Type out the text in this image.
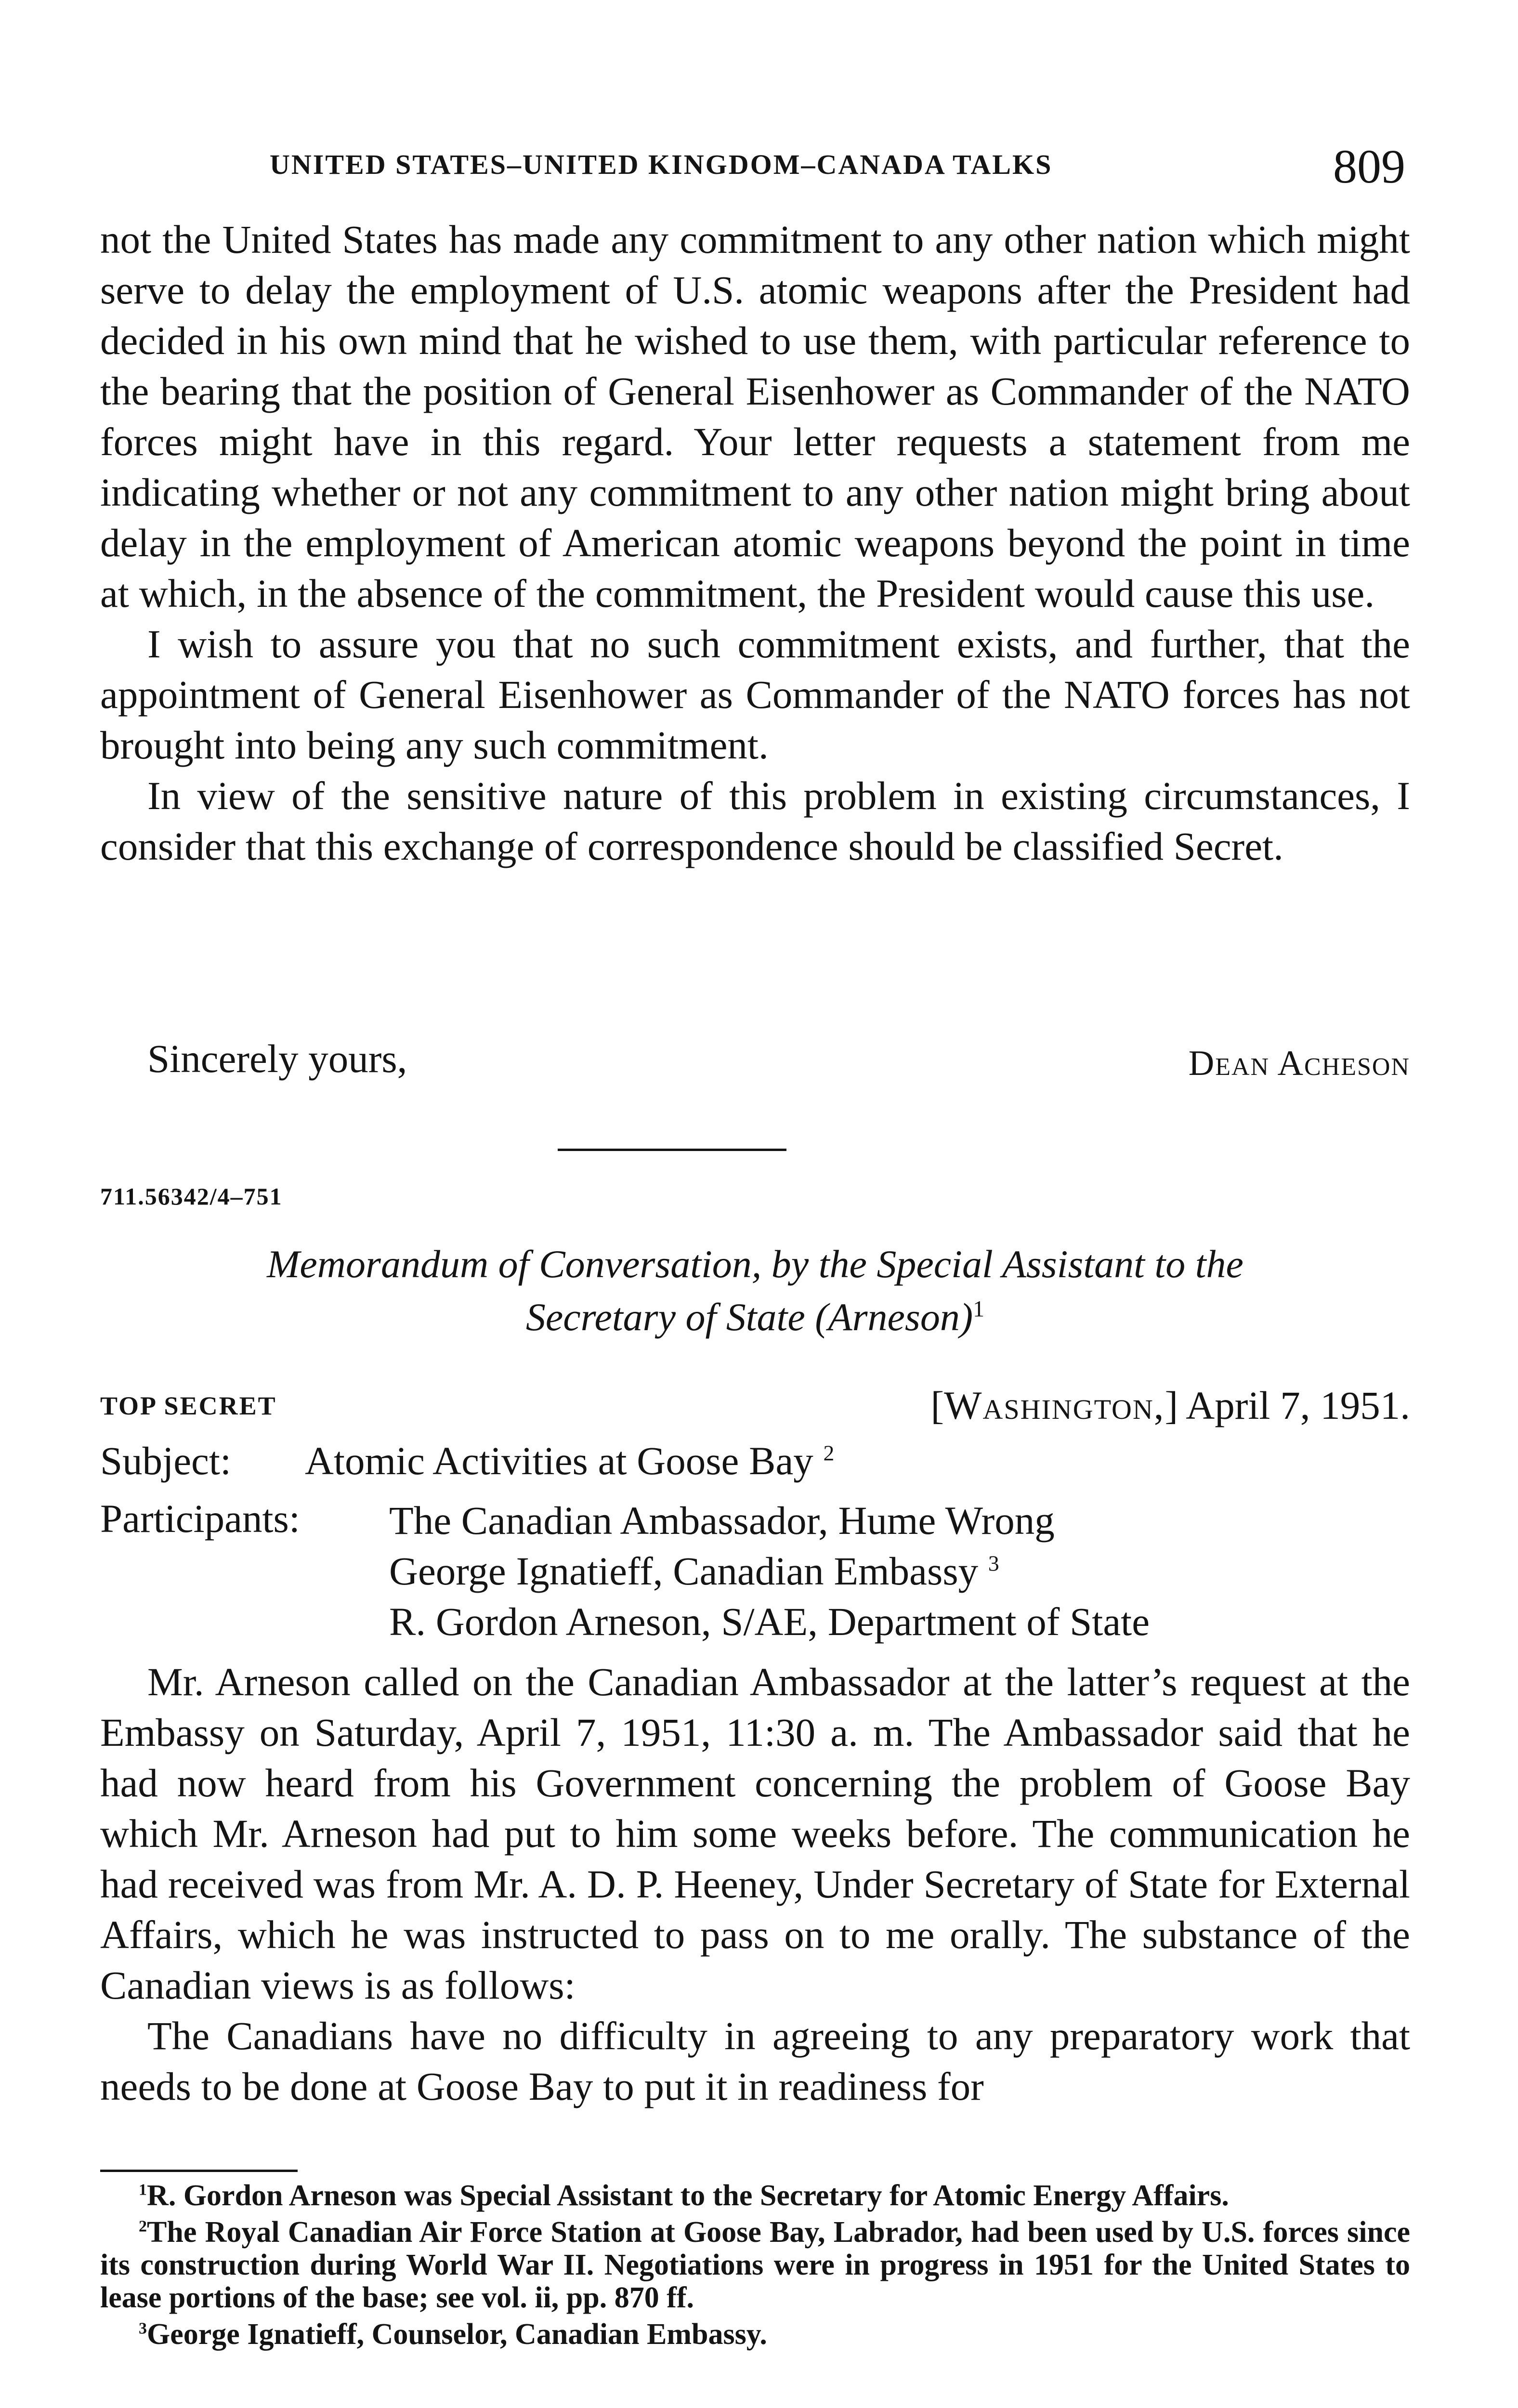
UNITED STATES–UNITED KINGDOM–CANADA TALKS	809

not the United States has made any commitment to any other nation which might serve to delay the employment of U.S. atomic weapons after the President had decided in his own mind that he wished to use them, with particular reference to the bearing that the position of General Eisenhower as Commander of the NATO forces might have in this regard. Your letter requests a statement from me indicating whether or not any commitment to any other nation might bring about delay in the employment of American atomic weapons beyond the point in time at which, in the absence of the commitment, the President would cause this use.

I wish to assure you that no such commitment exists, and further, that the appointment of General Eisenhower as Commander of the NATO forces has not brought into being any such commitment.

In view of the sensitive nature of this problem in existing circumstances, I consider that this exchange of correspondence should be classified Secret.

Sincerely yours,	Dean Acheson
711.56342/4–751
Memorandum of Conversation, by the Special Assistant to the
Secretary of State (Arneson)$^1$
TOP SECRET	[Washington,] April 7, 1951.
Subject: Atomic Activities at Goose Bay $^2$
Participants: The Canadian Ambassador, Hume Wrong
George Ignatieff, Canadian Embassy $^3$
R. Gordon Arneson, S/AE, Department of State

Mr. Arneson called on the Canadian Ambassador at the latter’s request at the Embassy on Saturday, April 7, 1951, 11:30 a. m. The Ambassador said that he had now heard from his Government concerning the problem of Goose Bay which Mr. Arneson had put to him some weeks before. The communication he had received was from Mr. A. D. P. Heeney, Under Secretary of State for External Affairs, which he was instructed to pass on to me orally. The substance of the Canadian views is as follows:

The Canadians have no difficulty in agreeing to any preparatory work that needs to be done at Goose Bay to put it in readiness for

$^1$R. Gordon Arneson was Special Assistant to the Secretary for Atomic Energy Affairs.

$^2$The Royal Canadian Air Force Station at Goose Bay, Labrador, had been used by U.S. forces since its construction during World War II. Negotiations were in progress in 1951 for the United States to lease portions of the base; see vol. ii, pp. 870 ff.

$^3$George Ignatieff, Counselor, Canadian Embassy.
